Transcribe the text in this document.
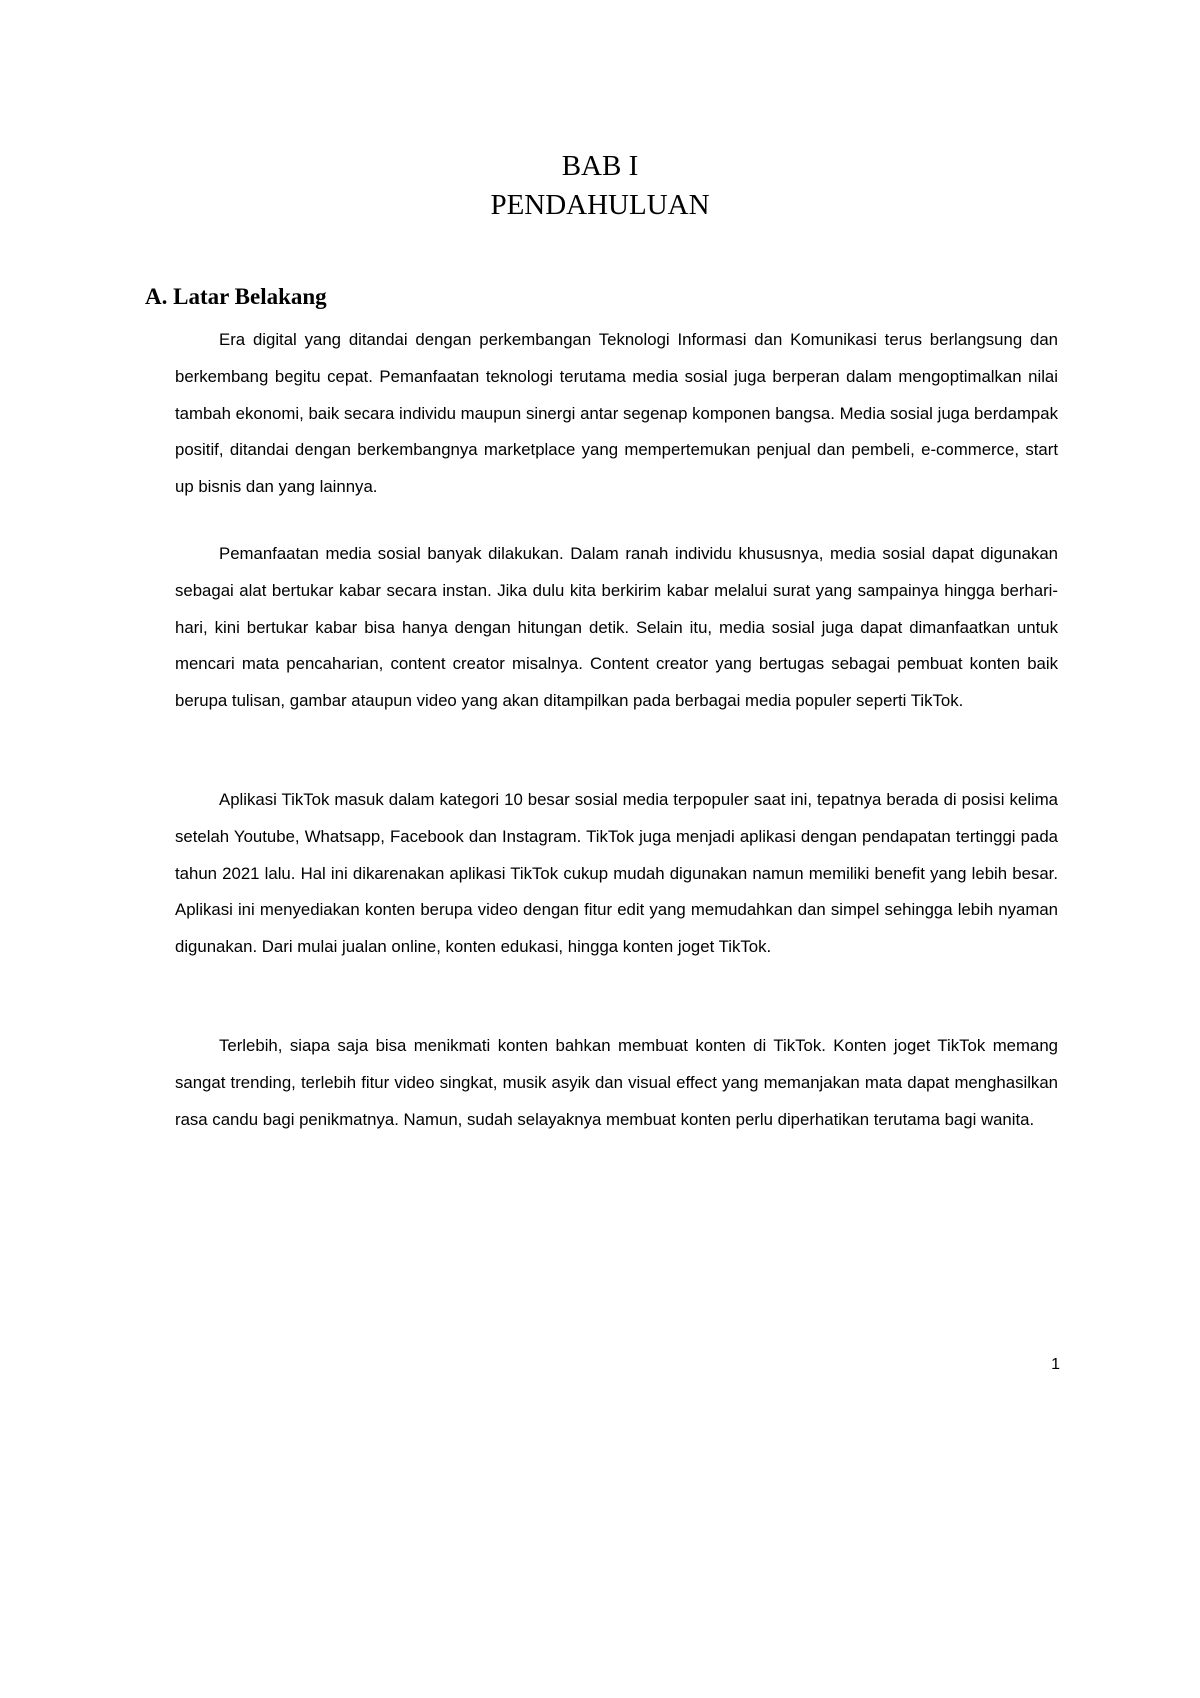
BAB I
PENDAHULUAN
A. Latar Belakang

Era digital yang ditandai dengan perkembangan Teknologi Informasi dan Komunikasi terus berlangsung dan berkembang begitu cepat. Pemanfaatan teknologi terutama media sosial juga berperan dalam mengoptimalkan nilai tambah ekonomi, baik secara individu maupun sinergi antar segenap komponen bangsa. Media sosial juga berdampak positif, ditandai dengan berkembangnya marketplace yang mempertemukan penjual dan pembeli, e-commerce, start up bisnis dan yang lainnya.

Pemanfaatan media sosial banyak dilakukan. Dalam ranah individu khususnya, media sosial dapat digunakan sebagai alat bertukar kabar secara instan. Jika dulu kita berkirim kabar melalui surat yang sampainya hingga berhari-hari, kini bertukar kabar bisa hanya dengan hitungan detik. Selain itu, media sosial juga dapat dimanfaatkan untuk mencari mata pencaharian, content creator misalnya. Content creator yang bertugas sebagai pembuat konten baik berupa tulisan, gambar ataupun video yang akan ditampilkan pada berbagai media populer seperti TikTok.

Aplikasi TikTok masuk dalam kategori 10 besar sosial media terpopuler saat ini, tepatnya berada di posisi kelima setelah Youtube, Whatsapp, Facebook dan Instagram. TikTok juga menjadi aplikasi dengan pendapatan tertinggi pada tahun 2021 lalu. Hal ini dikarenakan aplikasi TikTok cukup mudah digunakan namun memiliki benefit yang lebih besar. Aplikasi ini menyediakan konten berupa video dengan fitur edit yang memudahkan dan simpel sehingga lebih nyaman digunakan. Dari mulai jualan online, konten edukasi, hingga konten joget TikTok.

Terlebih, siapa saja bisa menikmati konten bahkan membuat konten di TikTok. Konten joget TikTok memang sangat trending, terlebih fitur video singkat, musik asyik dan visual effect yang memanjakan mata dapat menghasilkan rasa candu bagi penikmatnya. Namun, sudah selayaknya membuat konten perlu diperhatikan terutama bagi wanita.

1
